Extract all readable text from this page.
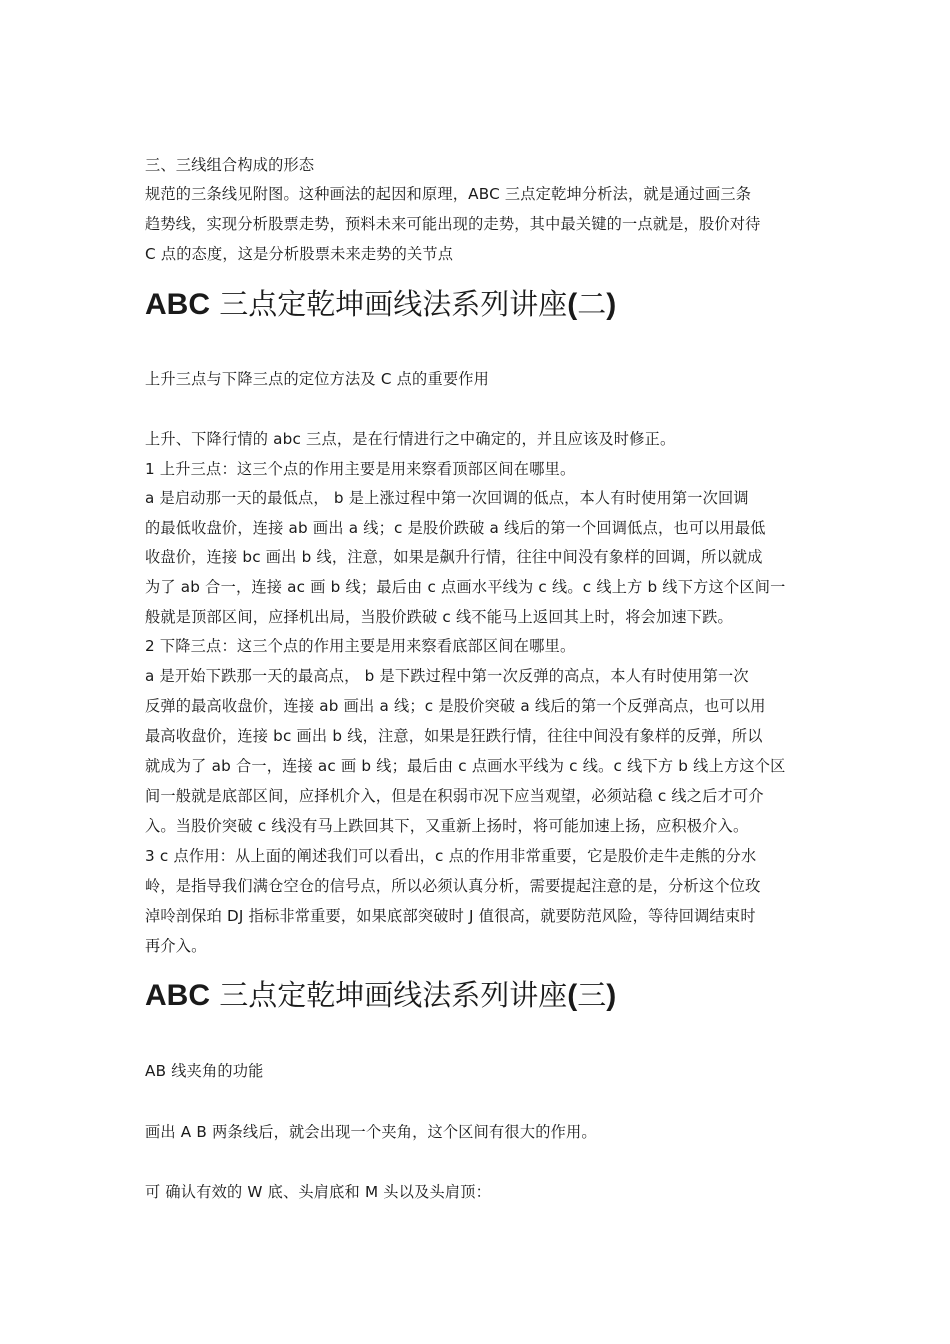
三、三线组合构成的形态
规范的三条线见附图。这种画法的起因和原理，ABC 三点定乾坤分析法，就是通过画三条
趋势线，实现分析股票走势，预料未来可能出现的走势，其中最关键的一点就是，股价对待
C 点的态度，这是分析股票未来走势的关节点
ABC 三点定乾坤画线法系列讲座(二)
上升三点与下降三点的定位方法及 C 点的重要作用
上升、下降行情的 abc 三点，是在行情进行之中确定的，并且应该及时修正。
1 上升三点：这三个点的作用主要是用来察看顶部区间在哪里。
a 是启动那一天的最低点， b 是上涨过程中第一次回调的低点，本人有时使用第一次回调
的最低收盘价，连接 ab 画出 a 线；c 是股价跌破 a 线后的第一个回调低点，也可以用最低
收盘价，连接 bc 画出 b 线，注意，如果是飙升行情，往往中间没有象样的回调，所以就成
为了 ab 合一，连接 ac 画 b 线；最后由 c 点画水平线为 c 线。c 线上方 b 线下方这个区间一
般就是顶部区间，应择机出局，当股价跌破 c 线不能马上返回其上时，将会加速下跌。
2 下降三点：这三个点的作用主要是用来察看底部区间在哪里。
a 是开始下跌那一天的最高点， b 是下跌过程中第一次反弹的高点，本人有时使用第一次
反弹的最高收盘价，连接 ab 画出 a 线；c 是股价突破 a 线后的第一个反弹高点，也可以用
最高收盘价，连接 bc 画出 b 线，注意，如果是狂跌行情，往往中间没有象样的反弹，所以
就成为了 ab 合一，连接 ac 画 b 线；最后由 c 点画水平线为 c 线。c 线下方 b 线上方这个区
间一般就是底部区间，应择机介入，但是在积弱市况下应当观望，必须站稳 c 线之后才可介
入。当股价突破 c 线没有马上跌回其下，又重新上扬时，将可能加速上扬，应积极介入。
3 c 点作用：从上面的阐述我们可以看出，c 点的作用非常重要，它是股价走牛走熊的分水
岭，是指导我们满仓空仓的信号点，所以必须认真分析，需要提起注意的是，分析这个位玫
淖呤剖保珀 DJ 指标非常重要，如果底部突破时 J 值很高，就要防范风险，等待回调结束时
再介入。
ABC 三点定乾坤画线法系列讲座(三)
AB 线夹角的功能
画出 A B 两条线后，就会出现一个夹角，这个区间有很大的作用。
可 确认有效的 W 底、头肩底和 M 头以及头肩顶：
